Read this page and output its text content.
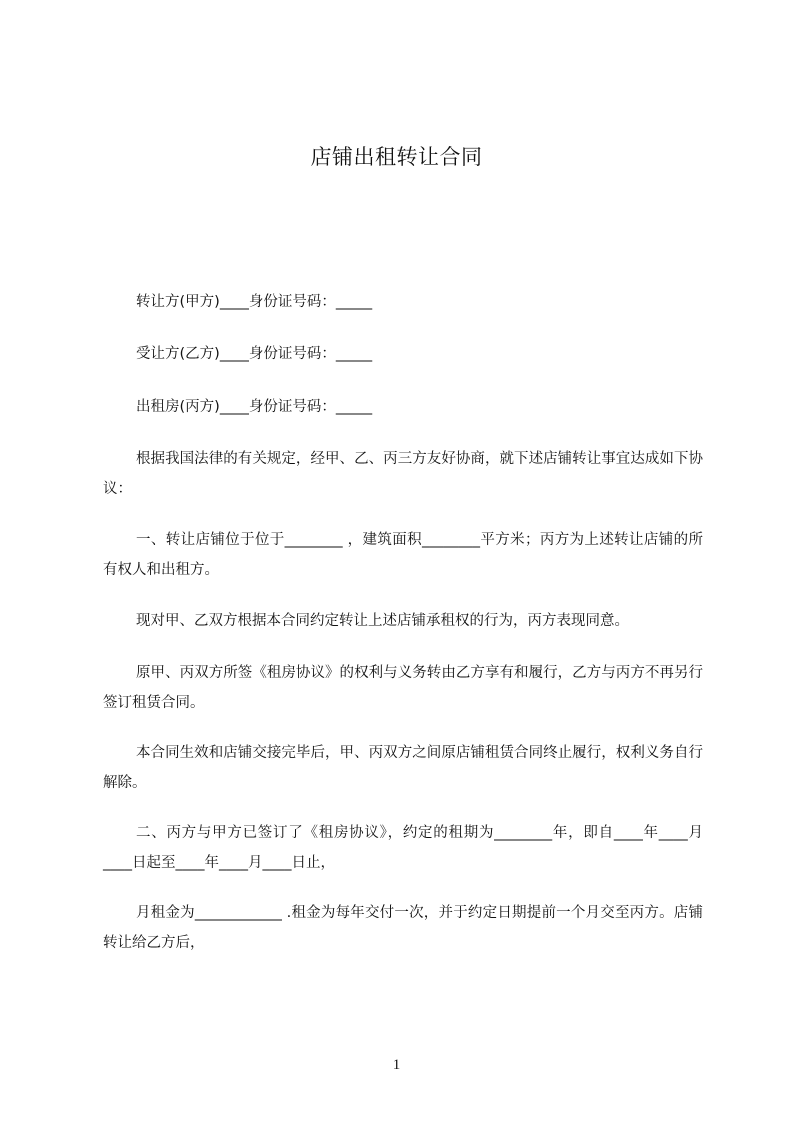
店铺出租转让合同
转让方(甲方)____身份证号码：_____
受让方(乙方)____身份证号码：_____
出租房(丙方)____身份证号码：_____
根据我国法律的有关规定，经甲、乙、丙三方友好协商，就下述店铺转让事宜达成如下协议：
一、转让店铺位于位于________ ，建筑面积________平方米；丙方为上述转让店铺的所有权人和出租方。
现对甲、乙双方根据本合同约定转让上述店铺承租权的行为，丙方表现同意。
原甲、丙双方所签《租房协议》的权利与义务转由乙方享有和履行，乙方与丙方不再另行签订租赁合同。
本合同生效和店铺交接完毕后，甲、丙双方之间原店铺租赁合同终止履行，权利义务自行解除。
二、丙方与甲方已签订了《租房协议》，约定的租期为________年，即自____年____月____日起至____年____月____日止，
月租金为____________ .租金为每年交付一次，并于约定日期提前一个月交至丙方。店铺转让给乙方后，
1
